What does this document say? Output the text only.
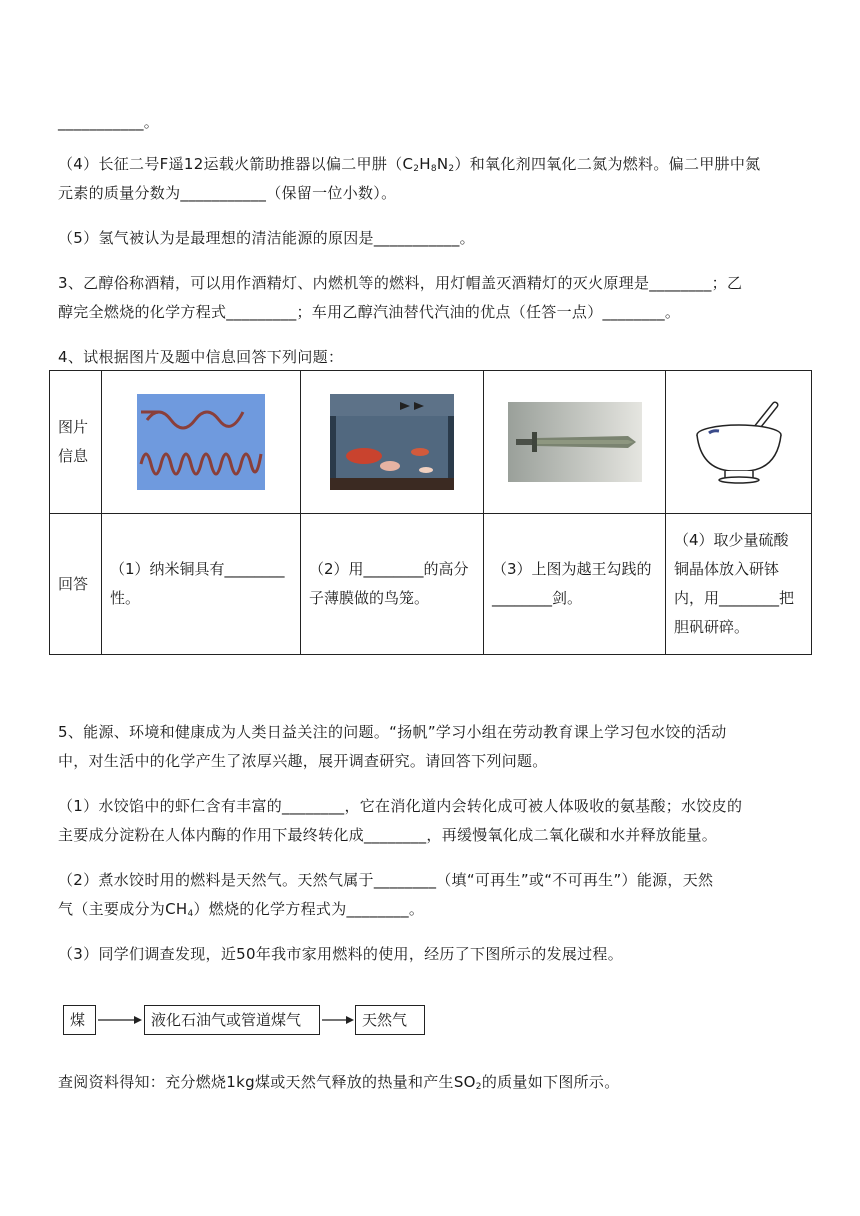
___________。
（4）长征二号F遥12运载火箭助推器以偏二甲肼$(C_2H_8N_2)$和氧化剂四氧化二氮为燃料。偏二甲肼中氮
元素的质量分数为___________（保留一位小数）。
（5）氢气被认为是最理想的清洁能源的原因是___________。
3、乙醇俗称酒精，可以用作酒精灯、内燃机等的燃料，用灯帽盖灭酒精灯的灭火原理是________；乙
醇完全燃烧的化学方程式_________；车用乙醇汽油替代汽油的优点（任答一点）________。
4、试根据图片及题中信息回答下列问题：
图片信息	

回答	（1）纳米铜具有________性。	（2）用________的高分子薄膜做的鸟笼。	（3）上图为越王勾践的________剑。	（4）取少量硫酸铜晶体放入研钵内，用________把胆矾研碎。
5、能源、环境和健康成为人类日益关注的问题。“扬帆”学习小组在劳动教育课上学习包水饺的活动
中，对生活中的化学产生了浓厚兴趣，展开调查研究。请回答下列问题。
（1）水饺馅中的虾仁含有丰富的________，它在消化道内会转化成可被人体吸收的氨基酸；水饺皮的
主要成分淀粉在人体内酶的作用下最终转化成________，再缓慢氧化成二氧化碳和水并释放能量。
（2）煮水饺时用的燃料是天然气。天然气属于________（填“可再生”或“不可再生”）能源，天然
气（主要成分为$CH_4$）燃烧的化学方程式为________。
（3）同学们调查发现，近50年我市家用燃料的使用，经历了下图所示的发展过程。
煤	液化石油气或管道煤气	天然气
查阅资料得知：充分燃烧1kg煤或天然气释放的热量和产生$SO_2$的质量如下图所示。
